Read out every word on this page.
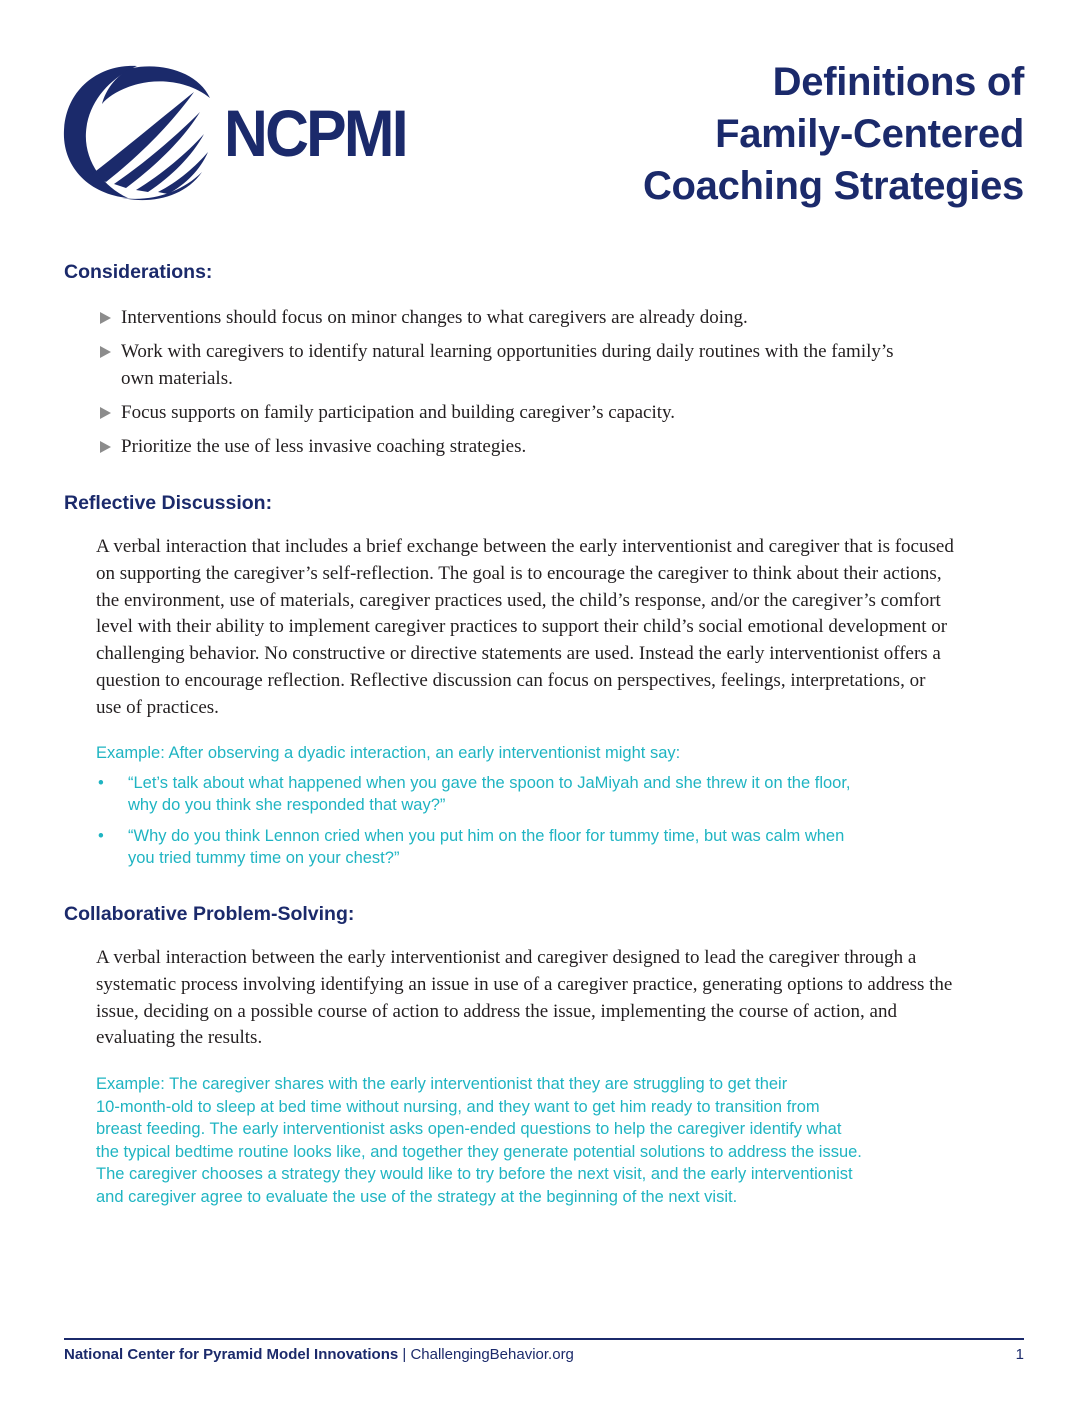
NCPMI
Definitions of
Family-Centered
Coaching Strategies
Considerations:
Interventions should focus on minor changes to what caregivers are already doing.
Work with caregivers to identify natural learning opportunities during daily routines with the family’s
own materials.
Focus supports on family participation and building caregiver’s capacity.
Prioritize the use of less invasive coaching strategies.
Reflective Discussion:
A verbal interaction that includes a brief exchange between the early interventionist and caregiver that is focused
on supporting the caregiver’s self-reflection. The goal is to encourage the caregiver to think about their actions,
the environment, use of materials, caregiver practices used, the child’s response, and/or the caregiver’s comfort
level with their ability to implement caregiver practices to support their child’s social emotional development or
challenging behavior. No constructive or directive statements are used. Instead the early interventionist offers a
question to encourage reflection. Reflective discussion can focus on perspectives, feelings, interpretations, or
use of practices.
Example: After observing a dyadic interaction, an early interventionist might say:
• “Let’s talk about what happened when you gave the spoon to JaMiyah and she threw it on the floor,
why do you think she responded that way?”
• “Why do you think Lennon cried when you put him on the floor for tummy time, but was calm when
you tried tummy time on your chest?”
Collaborative Problem-Solving:
A verbal interaction between the early interventionist and caregiver designed to lead the caregiver through a
systematic process involving identifying an issue in use of a caregiver practice, generating options to address the
issue, deciding on a possible course of action to address the issue, implementing the course of action, and
evaluating the results.
Example: The caregiver shares with the early interventionist that they are struggling to get their
10-month-old to sleep at bed time without nursing, and they want to get him ready to transition from
breast feeding. The early interventionist asks open-ended questions to help the caregiver identify what
the typical bedtime routine looks like, and together they generate potential solutions to address the issue.
The caregiver chooses a strategy they would like to try before the next visit, and the early interventionist
and caregiver agree to evaluate the use of the strategy at the beginning of the next visit.
National Center for Pyramid Model Innovations | ChallengingBehavior.org	1
